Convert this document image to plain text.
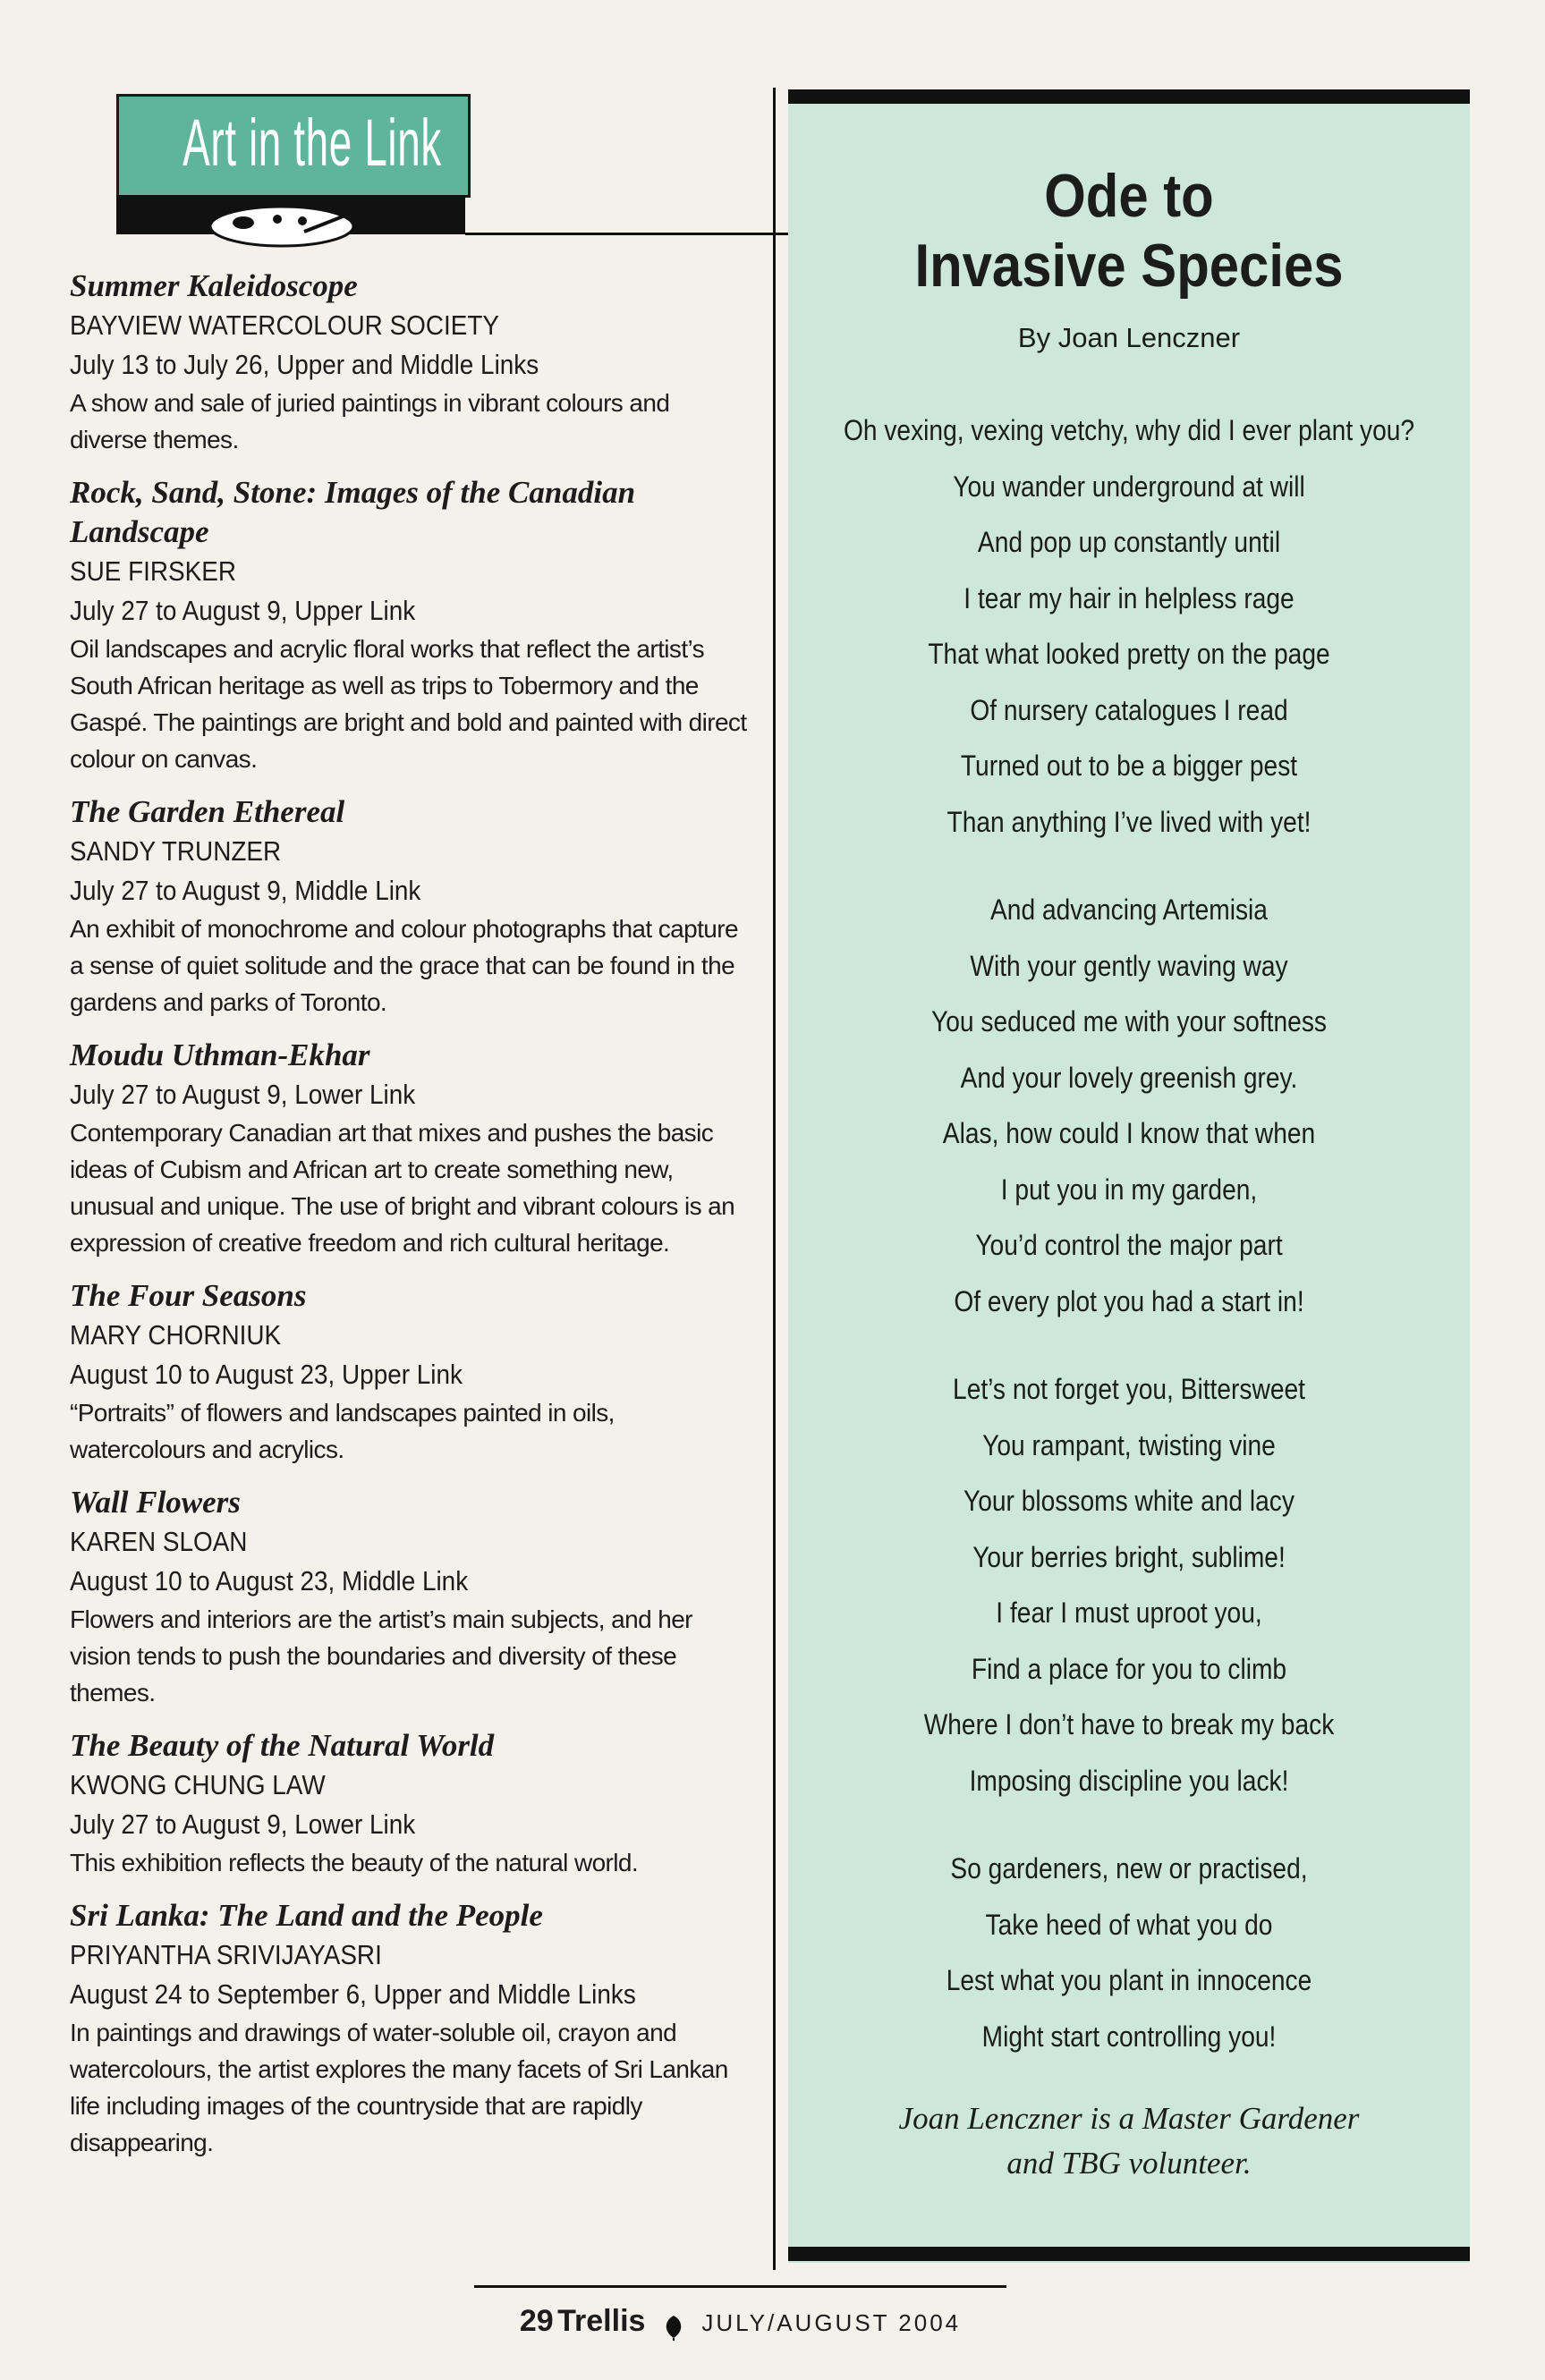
Art in the Link
Summer Kaleidoscope
BAYVIEW WATERCOLOUR SOCIETY
July 13 to July 26, Upper and Middle Links
A show and sale of juried paintings in vibrant colours and diverse themes.
Rock, Sand, Stone: Images of the Canadian Landscape
SUE FIRSKER
July 27 to August 9, Upper Link
Oil landscapes and acrylic floral works that reflect the artist’s South African heritage as well as trips to Tobermory and the Gaspé. The paintings are bright and bold and painted with direct colour on canvas.
The Garden Ethereal
SANDY TRUNZER
July 27 to August 9, Middle Link
An exhibit of monochrome and colour photographs that capture a sense of quiet solitude and the grace that can be found in the gardens and parks of Toronto.
Moudu Uthman-Ekhar
July 27 to August 9, Lower Link
Contemporary Canadian art that mixes and pushes the basic ideas of Cubism and African art to create something new, unusual and unique. The use of bright and vibrant colours is an expression of creative freedom and rich cultural heritage.
The Four Seasons
MARY CHORNIUK
August 10 to August 23, Upper Link
“Portraits” of flowers and landscapes painted in oils, watercolours and acrylics.
Wall Flowers
KAREN SLOAN
August 10 to August 23, Middle Link
Flowers and interiors are the artist’s main subjects, and her vision tends to push the boundaries and diversity of these themes.
The Beauty of the Natural World
KWONG CHUNG LAW
July 27 to August 9, Lower Link
This exhibition reflects the beauty of the natural world.
Sri Lanka: The Land and the People
PRIYANTHA SRIVIJAYASRI
August 24 to September 6, Upper and Middle Links
In paintings and drawings of water-soluble oil, crayon and watercolours, the artist explores the many facets of Sri Lankan life including images of the countryside that are rapidly disappearing.
Ode to
Invasive Species
By Joan Lenczner
Oh vexing, vexing vetchy, why did I ever plant you?
You wander underground at will
And pop up constantly until
I tear my hair in helpless rage
That what looked pretty on the page
Of nursery catalogues I read
Turned out to be a bigger pest
Than anything I’ve lived with yet!
And advancing Artemisia
With your gently waving way
You seduced me with your softness
And your lovely greenish grey.
Alas, how could I know that when
I put you in my garden,
You’d control the major part
Of every plot you had a start in!
Let’s not forget you, Bittersweet
You rampant, twisting vine
Your blossoms white and lacy
Your berries bright, sublime!
I fear I must uproot you,
Find a place for you to climb
Where I don’t have to break my back
Imposing discipline you lack!
So gardeners, new or practised,
Take heed of what you do
Lest what you plant in innocence
Might start controlling you!
Joan Lenczner is a Master Gardener
and TBG volunteer.
29 Trellis JULY/AUGUST 2004
